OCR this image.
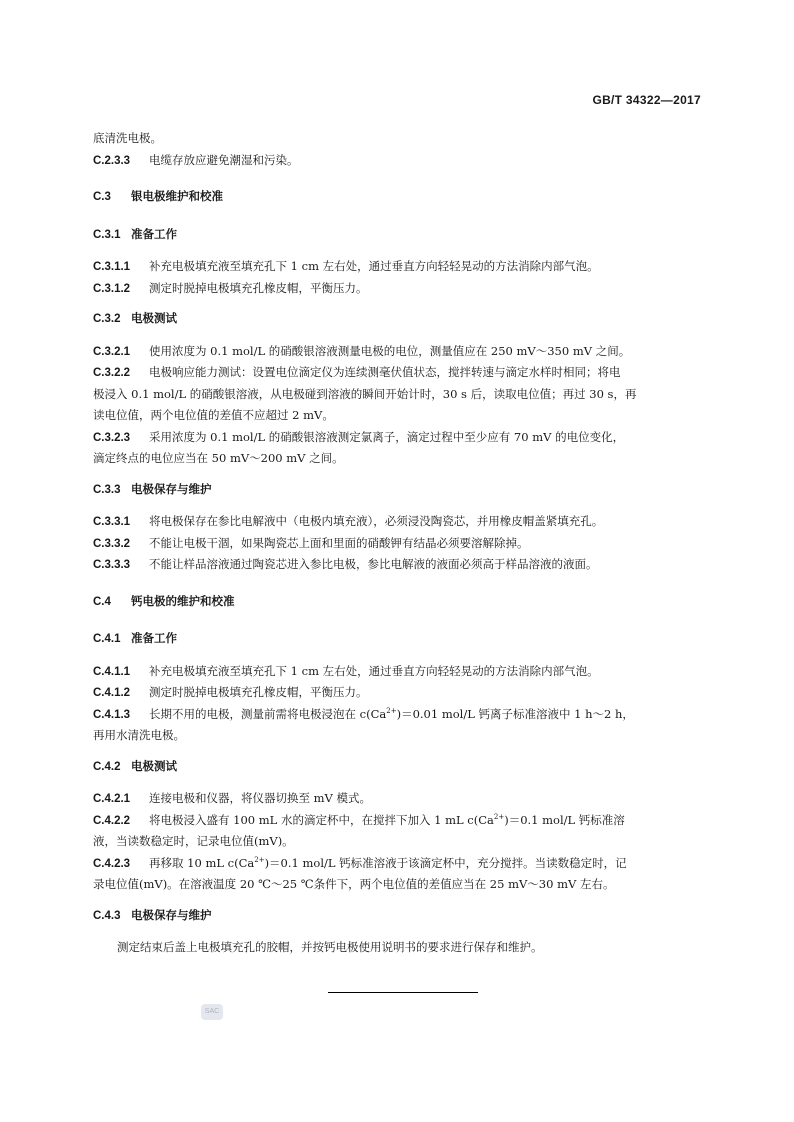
GB/T 34322—2017
底清洗电极。
C.2.3.3 电缆存放应避免潮湿和污染。
C.3 银电极维护和校准
C.3.1 准备工作
C.3.1.1 补充电极填充液至填充孔下 1 cm 左右处，通过垂直方向轻轻晃动的方法消除内部气泡。
C.3.1.2 测定时脱掉电极填充孔橡皮帽，平衡压力。
C.3.2 电极测试
C.3.2.1 使用浓度为 0.1 mol/L 的硝酸银溶液测量电极的电位，测量值应在 250 mV～350 mV 之间。
C.3.2.2 电极响应能力测试：设置电位滴定仪为连续测毫伏值状态，搅拌转速与滴定水样时相同；将电
极浸入 0.1 mol/L 的硝酸银溶液，从电极碰到溶液的瞬间开始计时，30 s 后，读取电位值；再过 30 s，再
读电位值，两个电位值的差值不应超过 2 mV。
C.3.2.3 采用浓度为 0.1 mol/L 的硝酸银溶液测定氯离子，滴定过程中至少应有 70 mV 的电位变化，
滴定终点的电位应当在 50 mV～200 mV 之间。
C.3.3 电极保存与维护
C.3.3.1 将电极保存在参比电解液中（电极内填充液），必须浸没陶瓷芯，并用橡皮帽盖紧填充孔。
C.3.3.2 不能让电极干涸，如果陶瓷芯上面和里面的硝酸钾有结晶必须要溶解除掉。
C.3.3.3 不能让样品溶液通过陶瓷芯进入参比电极，参比电解液的液面必须高于样品溶液的液面。
C.4 钙电极的维护和校准
C.4.1 准备工作
C.4.1.1 补充电极填充液至填充孔下 1 cm 左右处，通过垂直方向轻轻晃动的方法消除内部气泡。
C.4.1.2 测定时脱掉电极填充孔橡皮帽，平衡压力。
C.4.1.3 长期不用的电极，测量前需将电极浸泡在 $c(Ca^{2+})=0.01$ mol/L 钙离子标准溶液中 1 h～2 h，
再用水清洗电极。
C.4.2 电极测试
C.4.2.1 连接电极和仪器，将仪器切换至 mV 模式。
C.4.2.2 将电极浸入盛有 100 mL 水的滴定杯中，在搅拌下加入 1 mL $c(Ca^{2+})=0.1$ mol/L 钙标准溶
液，当读数稳定时，记录电位值(mV)。
C.4.2.3 再移取 10 mL $c(Ca^{2+})=0.1$ mol/L 钙标准溶液于该滴定杯中，充分搅拌。当读数稳定时，记
录电位值(mV)。在溶液温度 20 ℃～25 ℃条件下，两个电位值的差值应当在 25 mV～30 mV 左右。
C.4.3 电极保存与维护
测定结束后盖上电极填充孔的胶帽，并按钙电极使用说明书的要求进行保存和维护。
SAC
